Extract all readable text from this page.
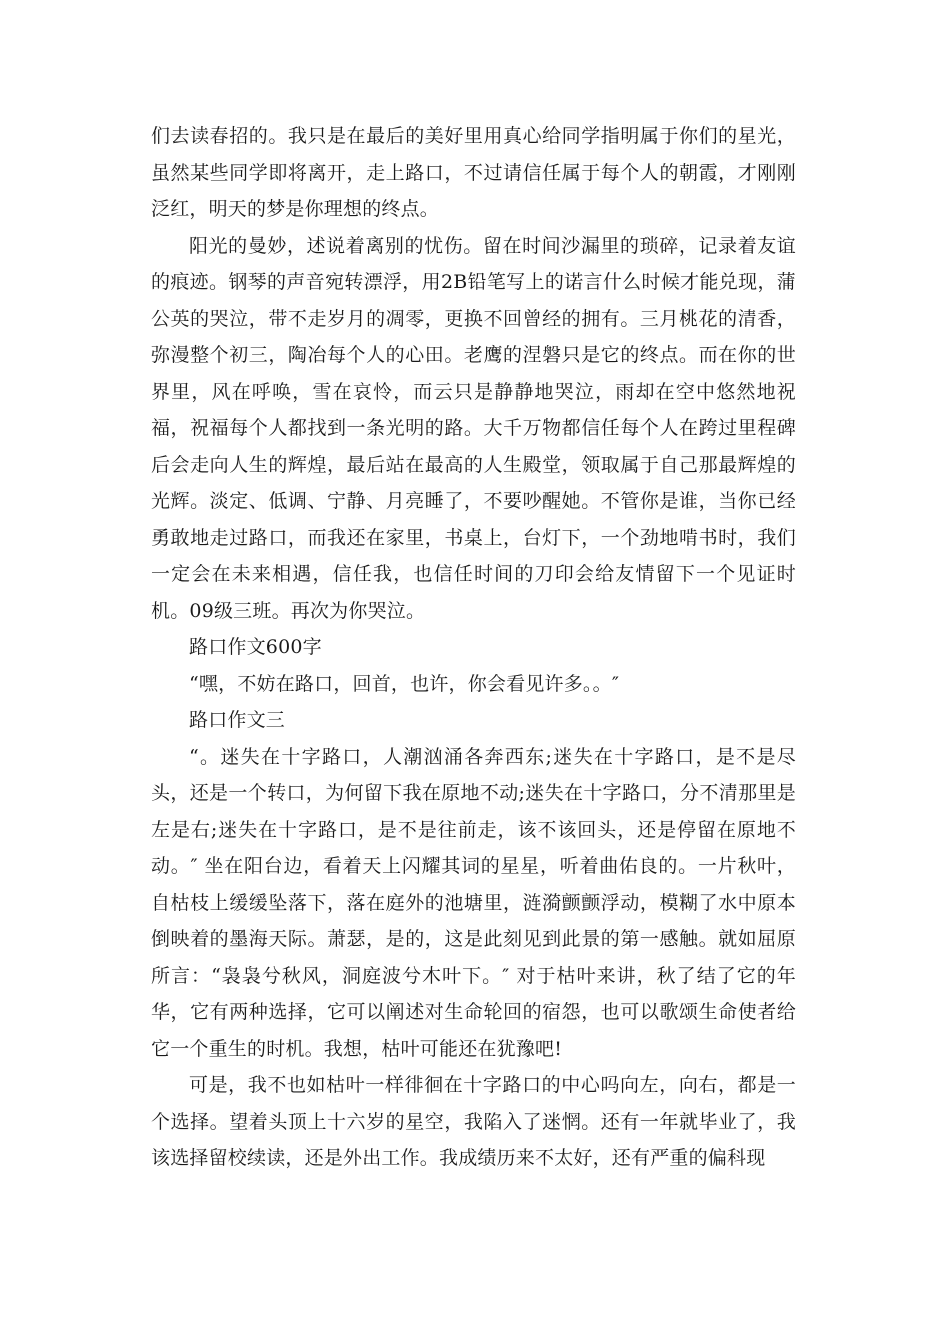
们去读春招的。我只是在最后的美好里用真心给同学指明属于你们的星光，虽然某些同学即将离开，走上路口，不过请信任属于每个人的朝霞，才刚刚泛红，明天的梦是你理想的终点。

阳光的曼妙，述说着离别的忧伤。留在时间沙漏里的琐碎，记录着友谊的痕迹。钢琴的声音宛转漂浮，用2B铅笔写上的诺言什么时候才能兑现，蒲公英的哭泣，带不走岁月的凋零，更换不回曾经的拥有。三月桃花的清香，弥漫整个初三，陶冶每个人的心田。老鹰的涅磐只是它的终点。而在你的世界里，风在呼唤，雪在哀怜，而云只是静静地哭泣，雨却在空中悠然地祝福，祝福每个人都找到一条光明的路。大千万物都信任每个人在跨过里程碑后会走向人生的辉煌，最后站在最高的人生殿堂，领取属于自己那最辉煌的光辉。淡定、低调、宁静、月亮睡了，不要吵醒她。不管你是谁，当你已经勇敢地走过路口，而我还在家里，书桌上，台灯下，一个劲地啃书时，我们一定会在未来相遇，信任我，也信任时间的刀印会给友情留下一个见证时机。09级三班。再次为你哭泣。

路口作文600字

“嘿，不妨在路口，回首，也许，你会看见许多。。″

路口作文三

“。迷失在十字路口，人潮汹涌各奔西东;迷失在十字路口，是不是尽头，还是一个转口，为何留下我在原地不动;迷失在十字路口，分不清那里是左是右;迷失在十字路口，是不是往前走，该不该回头，还是停留在原地不动。″ 坐在阳台边，看着天上闪耀其词的星星，听着曲佑良的。一片秋叶，自枯枝上缓缓坠落下，落在庭外的池塘里，涟漪颤颤浮动，模糊了水中原本倒映着的墨海天际。萧瑟，是的，这是此刻见到此景的第一感触。就如屈原所言：“袅袅兮秋风，洞庭波兮木叶下。″ 对于枯叶来讲，秋了结了它的年华，它有两种选择，它可以阐述对生命轮回的宿怨，也可以歌颂生命使者给它一个重生的时机。我想，枯叶可能还在犹豫吧!

可是，我不也如枯叶一样徘徊在十字路口的中心吗向左，向右，都是一个选择。望着头顶上十六岁的星空，我陷入了迷惘。还有一年就毕业了，我该选择留校续读，还是外出工作。我成绩历来不太好，还有严重的偏科现
